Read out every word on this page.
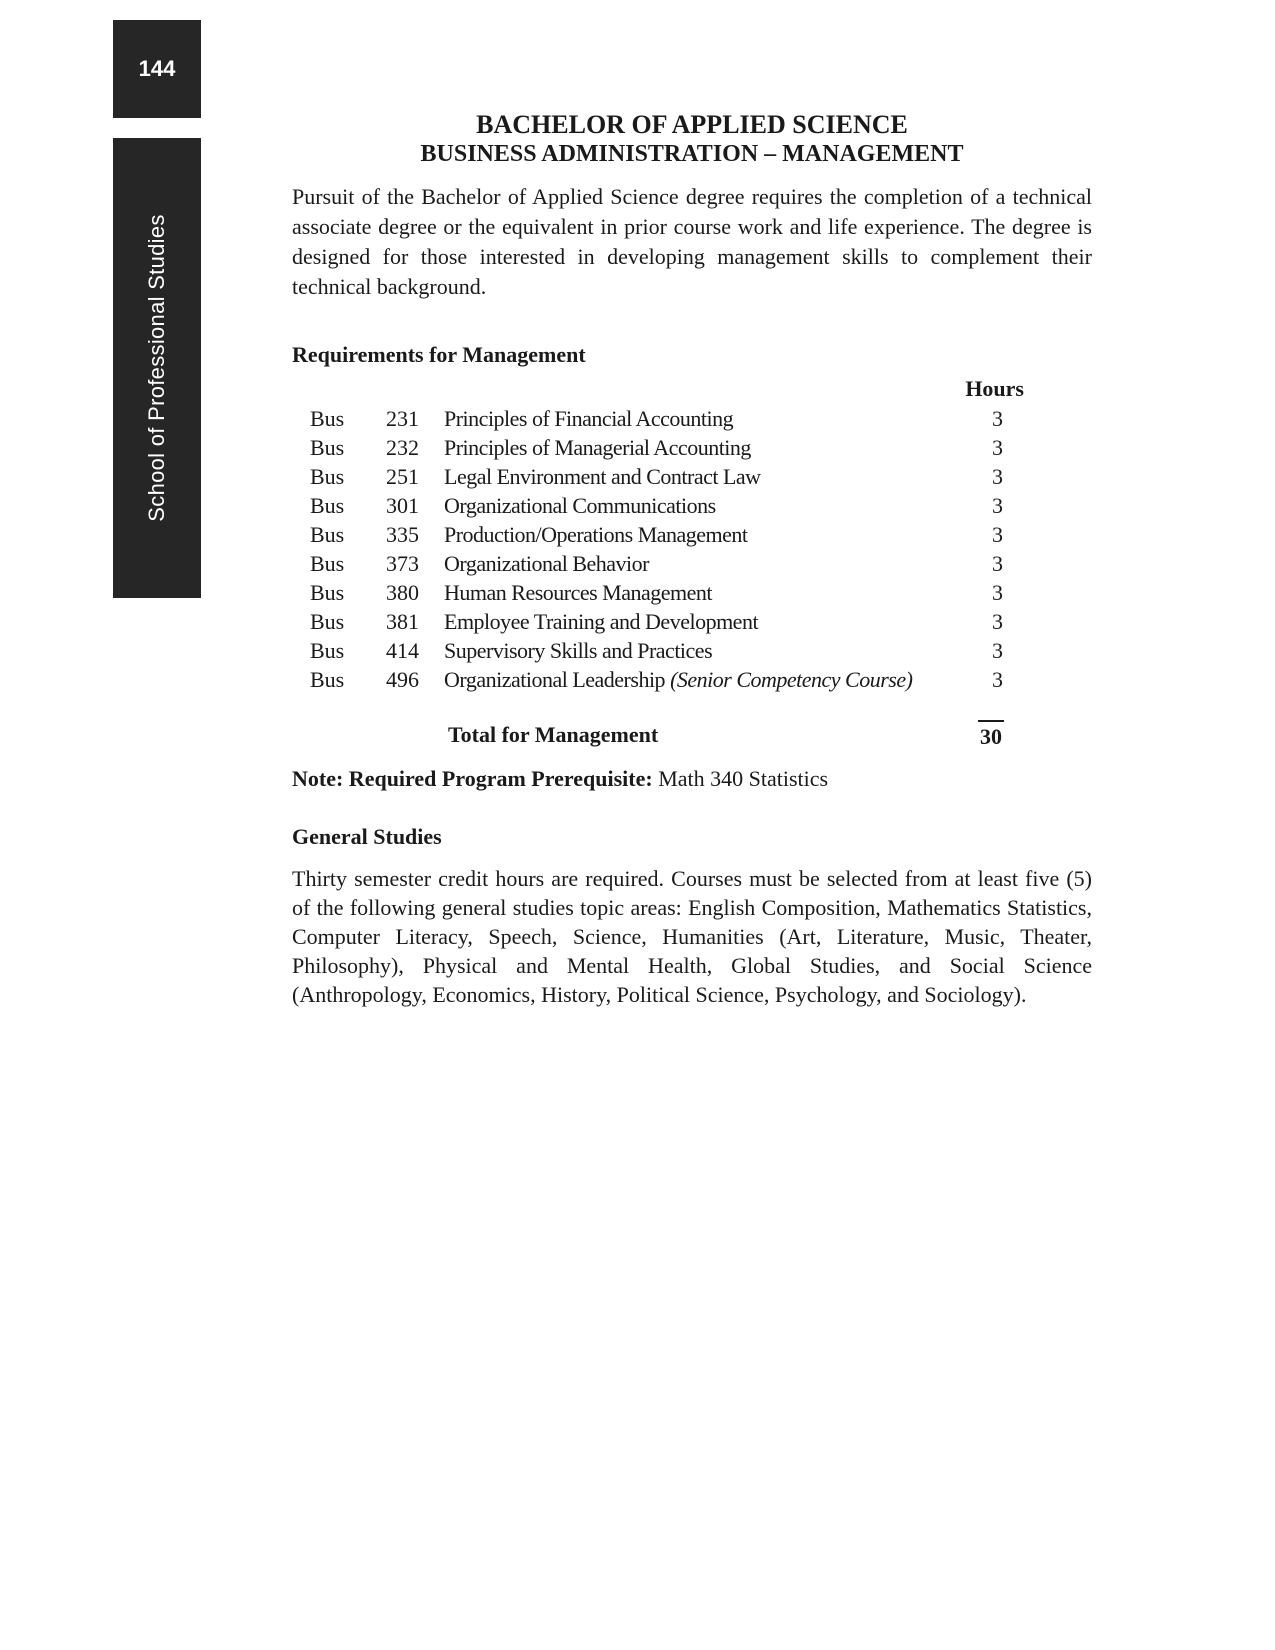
144
School of Professional Studies
BACHELOR OF APPLIED SCIENCE
BUSINESS ADMINISTRATION – MANAGEMENT

Pursuit of the Bachelor of Applied Science degree requires the completion of a technical associate degree or the equivalent in prior course work and life experience. The degree is designed for those interested in developing management skills to complement their technical background.

Requirements for Management
Hours
Bus	231	Principles of Financial Accounting	3
Bus	232	Principles of Managerial Accounting	3
Bus	251	Legal Environment and Contract Law	3
Bus	301	Organizational Communications	3
Bus	335	Production/Operations Management	3
Bus	373	Organizational Behavior	3
Bus	380	Human Resources Management	3
Bus	381	Employee Training and Development	3
Bus	414	Supervisory Skills and Practices	3
Bus	496	Organizational Leadership (Senior Competency Course)	3
Total for Management	30

Note: Required Program Prerequisite: Math 340 Statistics

General Studies

Thirty semester credit hours are required. Courses must be selected from at least five (5) of the following general studies topic areas: English Composition, Mathematics Statistics, Computer Literacy, Speech, Science, Humanities (Art, Literature, Music, Theater, Philosophy), Physical and Mental Health, Global Studies, and Social Science (Anthropology, Economics, History, Political Science, Psychology, and Sociology).
